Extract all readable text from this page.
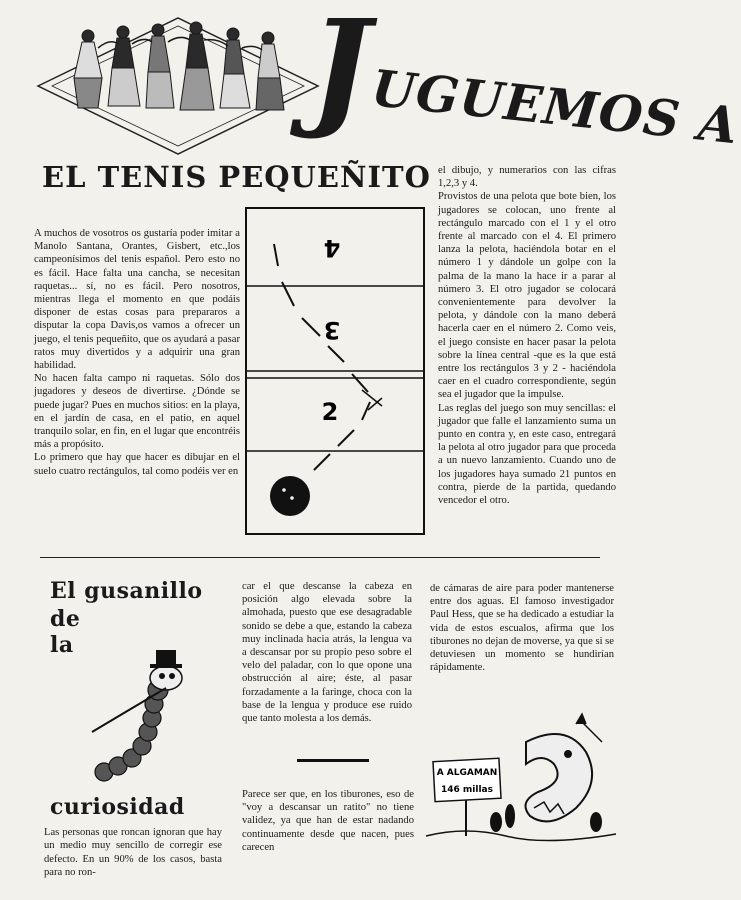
J
UGUEMOS A
EL TENIS PEQUEÑITO

A muchos de vosotros os gustaría poder imitar a Manolo Santana, Orantes, Gisbert, etc.,los campeonísimos del tenis español. Pero esto no es fácil. Hace falta una cancha, se necesitan raquetas... sí, no es fácil. Pero nosotros, mientras llega el momento en que podáis disponer de estas cosas para prepararos a disputar la copa Davis,os vamos a ofrecer un juego, el tenis pequeñito, que os ayudará a pasar ratos muy divertidos y a adquirir una gran habilidad.

No hacen falta campo ni raquetas. Sólo dos jugadores y deseos de divertirse. ¿Dónde se puede jugar? Pues en muchos sitios: en la playa, en el jardín de casa, en el patio, en aquel tranquilo solar, en fin, en el lugar que encontréis más a propósito.

Lo primero que hay que hacer es dibujar en el suelo cuatro rectángulos, tal como podéis ver en

4
3
2

el dibujo, y numerarios con las cifras 1,2,3 y 4.

Provistos de una pelota que bote bien, los jugadores se colocan, uno frente al rectángulo marcado con el 1 y el otro frente al marcado con el 4. El primero lanza la pelota, haciéndola botar en el número 1 y dándole un golpe con la palma de la mano la hace ir a parar al número 3. El otro jugador se colocará convenientemente para devolver la pelota, y dándole con la mano deberá hacerla caer en el número 2. Como veis, el juego consiste en hacer pasar la pelota sobre la línea central -que es la que está entre los rectángulos 3 y 2 - haciéndola caer en el cuadro correspondiente, según sea el jugador que la impulse.

Las reglas del juego son muy sencillas: el jugador que falle el lanzamiento suma un punto en contra y, en este caso, entregará la pelota al otro jugador para que proceda a un nuevo lanzamiento. Cuando uno de los jugadores haya sumado 21 puntos en contra, pierde de la partida, quedando vencedor el otro.

El gusanillo
de
la
curiosidad
Las personas que roncan ignoran que hay un medio muy sencillo de corregir ese defecto. En un 90% de los casos, basta para no ron-
car el que descanse la cabeza en posición algo elevada sobre la almohada, puesto que ese desagradable sonido se debe a que, estando la cabeza muy inclinada hacia atrás, la lengua va a descansar por su propio peso sobre el velo del paladar, con lo que opone una obstrucción al aire; éste, al pasar forzadamente a la faringe, choca con la base de la lengua y produce ese ruido que tanto molesta a los demás.
Parece ser que, en los tiburones, eso de "voy a descansar un ratito" no tiene validez, ya que han de estar nadando continuamente desde que nacen, pues carecen
de cámaras de aire para poder mantenerse entre dos aguas. El famoso investigador Paul Hess, que se ha dedicado a estudiar la vida de estos escualos, afirma que los tiburones no dejan de moverse, ya que si se detuviesen un momento se hundirían rápidamente.
A ALGAMAN
146 millas
